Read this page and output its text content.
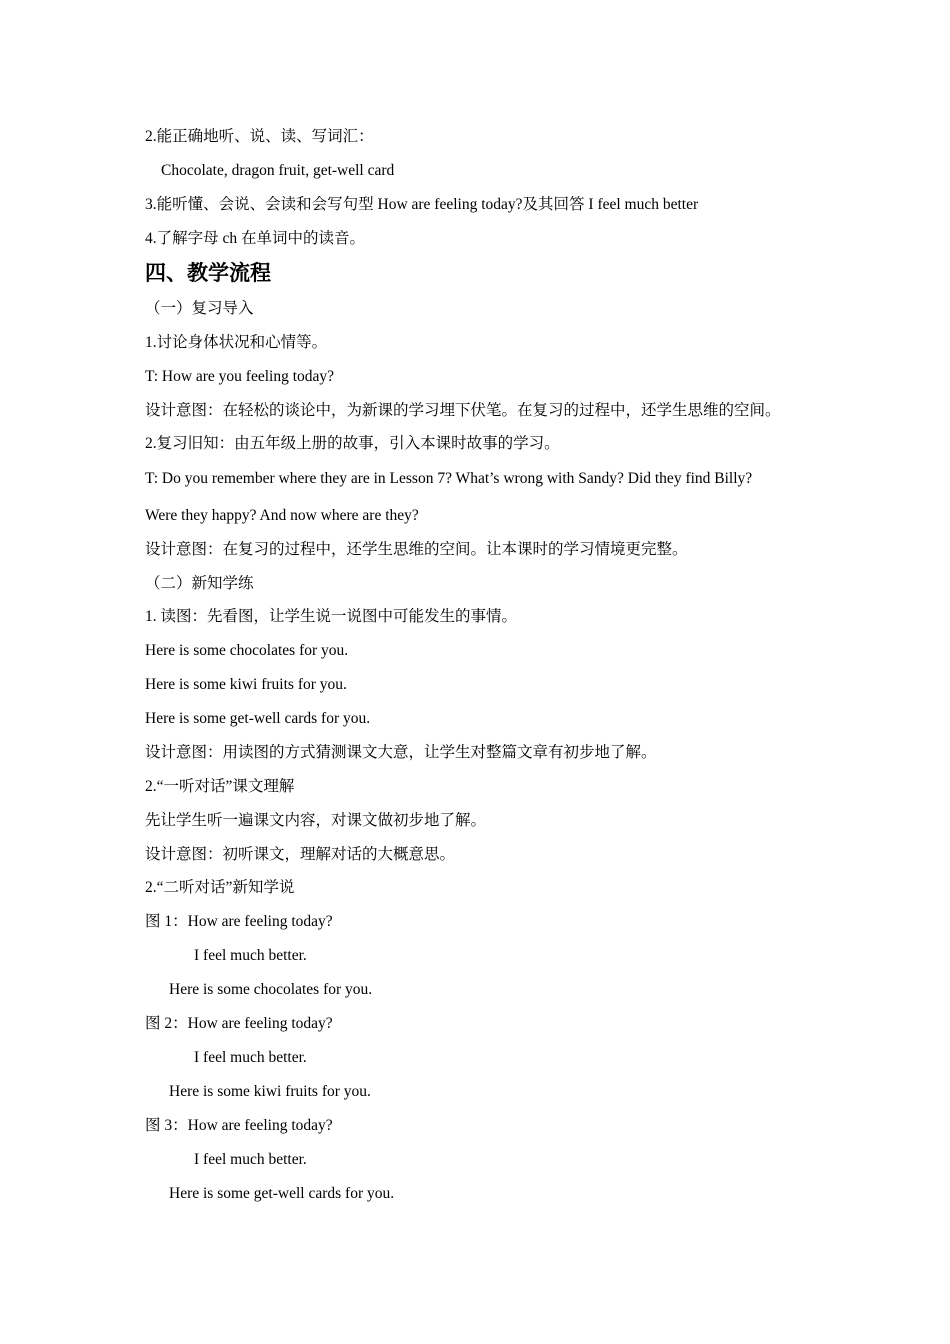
2.能正确地听、说、读、写词汇：
Chocolate, dragon fruit, get-well card
3.能听懂、会说、会读和会写句型 How are feeling today?及其回答 I feel much better
4.了解字母 ch 在单词中的读音。
四、教学流程
（一）复习导入
1.讨论身体状况和心情等。
T: How are you feeling today?
设计意图：在轻松的谈论中，为新课的学习埋下伏笔。在复习的过程中，还学生思维的空间。
2.复习旧知：由五年级上册的故事，引入本课时故事的学习。
T: Do you remember where they are in Lesson 7? What’s wrong with Sandy? Did they find Billy?
Were they happy? And now where are they?
设计意图：在复习的过程中，还学生思维的空间。让本课时的学习情境更完整。
（二）新知学练
1. 读图：先看图，让学生说一说图中可能发生的事情。
Here is some chocolates for you.
Here is some kiwi fruits for you.
Here is some get-well cards for you.
设计意图：用读图的方式猜测课文大意，让学生对整篇文章有初步地了解。
2.“一听对话”课文理解
先让学生听一遍课文内容，对课文做初步地了解。
设计意图：初听课文，理解对话的大概意思。
2.“二听对话”新知学说
图 1：How are feeling today?
I feel much better.
Here is some chocolates for you.
图 2：How are feeling today?
I feel much better.
Here is some kiwi fruits for you.
图 3：How are feeling today?
I feel much better.
Here is some get-well cards for you.
